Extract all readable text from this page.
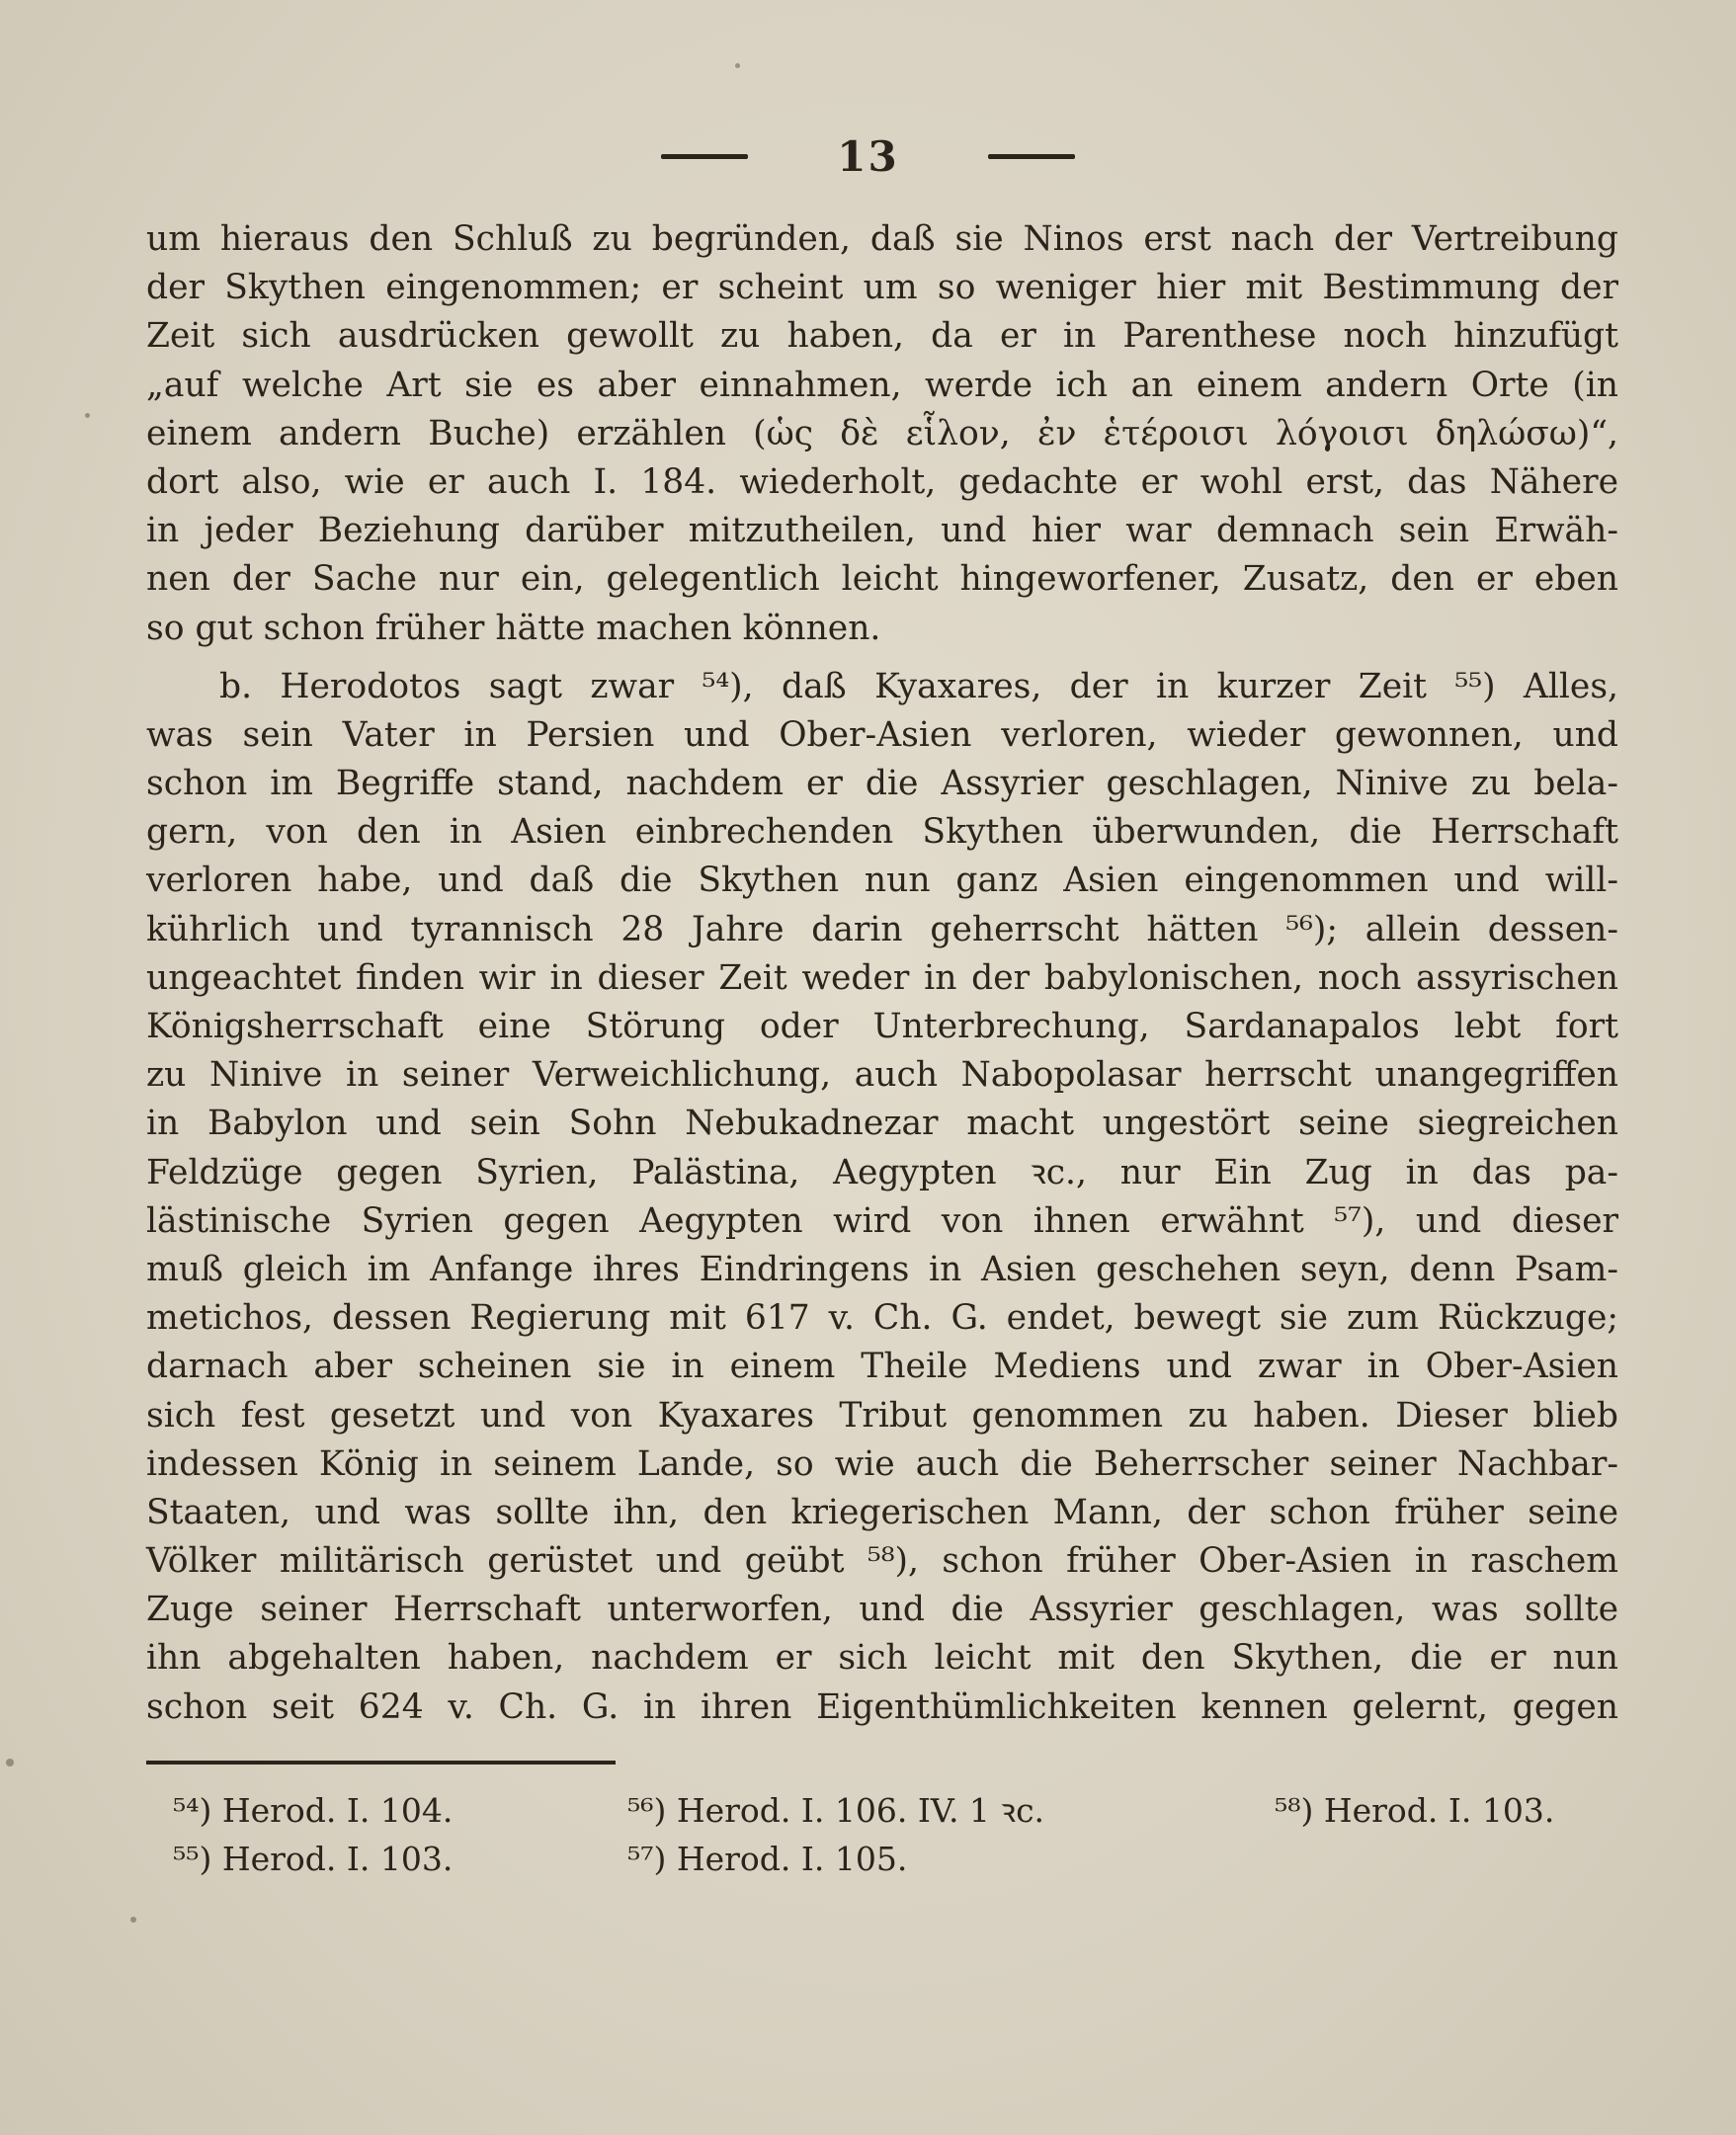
13
um hieraus den Schluß zu begründen, daß sie Ninos erst nach der Vertreibung
der Skythen eingenommen; er scheint um so weniger hier mit Bestimmung der
Zeit sich ausdrücken gewollt zu haben, da er in Parenthese noch hinzufügt
„auf welche Art sie es aber einnahmen, werde ich an einem andern Orte (in
einem andern Buche) erzählen (ὡς δὲ εἷλον, ἐν ἑτέροισι λόγοισι δηλώσω)“,
dort also, wie er auch I. 184. wiederholt, gedachte er wohl erst, das Nähere
in jeder Beziehung darüber mitzutheilen, und hier war demnach sein Erwäh-
nen der Sache nur ein, gelegentlich leicht hingeworfener, Zusatz, den er eben
so gut schon früher hätte machen können.
b. Herodotos sagt zwar ⁵⁴), daß Kyaxares, der in kurzer Zeit ⁵⁵) Alles,
was sein Vater in Persien und Ober-Asien verloren, wieder gewonnen, und
schon im Begriffe stand, nachdem er die Assyrier geschlagen, Ninive zu bela-
gern, von den in Asien einbrechenden Skythen überwunden, die Herrschaft
verloren habe, und daß die Skythen nun ganz Asien eingenommen und will-
kührlich und tyrannisch 28 Jahre darin geherrscht hätten ⁵⁶); allein dessen-
ungeachtet finden wir in dieser Zeit weder in der babylonischen, noch assyrischen
Königsherrschaft eine Störung oder Unterbrechung, Sardanapalos lebt fort
zu Ninive in seiner Verweichlichung, auch Nabopolasar herrscht unangegriffen
in Babylon und sein Sohn Nebukadnezar macht ungestört seine siegreichen
Feldzüge gegen Syrien, Palästina, Aegypten ꝛc., nur Ein Zug in das pa-
lästinische Syrien gegen Aegypten wird von ihnen erwähnt ⁵⁷), und dieser
muß gleich im Anfange ihres Eindringens in Asien geschehen seyn, denn Psam-
metichos, dessen Regierung mit 617 v. Ch. G. endet, bewegt sie zum Rückzuge;
darnach aber scheinen sie in einem Theile Mediens und zwar in Ober-Asien
sich fest gesetzt und von Kyaxares Tribut genommen zu haben. Dieser blieb
indessen König in seinem Lande, so wie auch die Beherrscher seiner Nachbar-
Staaten, und was sollte ihn, den kriegerischen Mann, der schon früher seine
Völker militärisch gerüstet und geübt ⁵⁸), schon früher Ober-Asien in raschem
Zuge seiner Herrschaft unterworfen, und die Assyrier geschlagen, was sollte
ihn abgehalten haben, nachdem er sich leicht mit den Skythen, die er nun
schon seit 624 v. Ch. G. in ihren Eigenthümlichkeiten kennen gelernt, gegen
⁵⁴) Herod. I. 104.	⁵⁶) Herod. I. 106. IV. 1 ꝛc.	⁵⁸) Herod. I. 103.
⁵⁵) Herod. I. 103.	⁵⁷) Herod. I. 105.
